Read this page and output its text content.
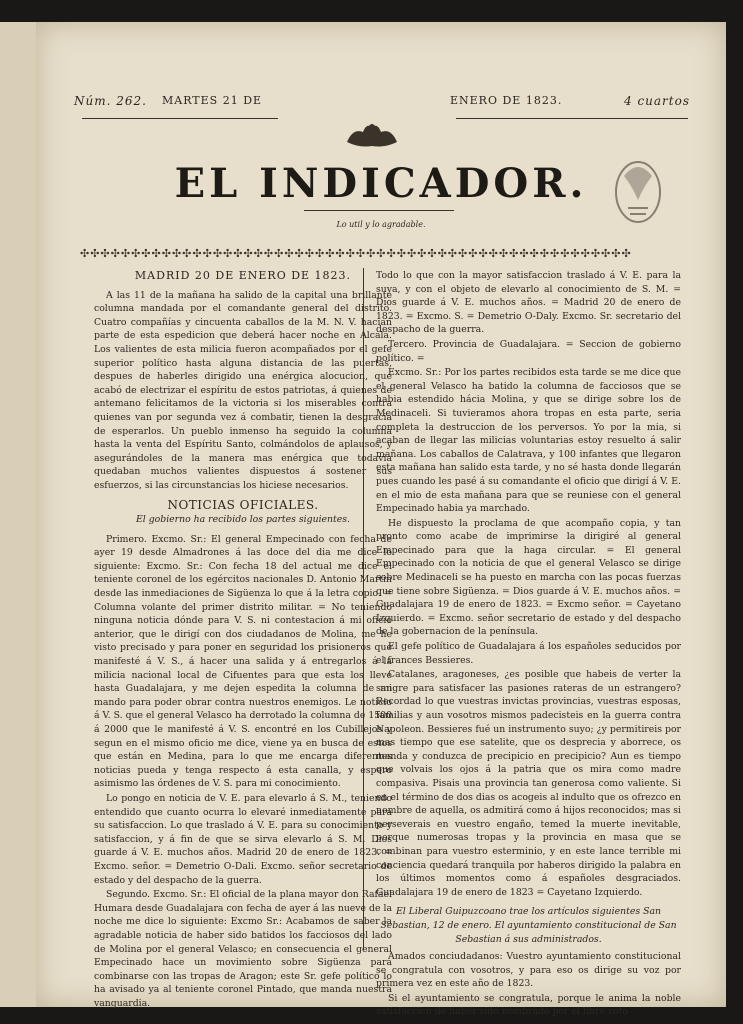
Núm. 262. MARTES 21 DE	ENERO DE 1823.	4 cuartos
EL INDICADOR.
Lo util y lo agradable.
✣✣✣✣✣✣✣✣✣✣✣✣✣✣✣✣✣✣✣✣✣✣✣✣✣✣✣✣✣✣✣✣✣✣✣✣✣✣✣✣✣✣✣✣✣✣✣✣✣✣✣✣✣✣
MADRID 20 DE ENERO DE 1823.

A las 11 de la mañana ha salido de la capital una brillante columna mandada por el comandante general del distrito. Cuatro compañías y cincuenta caballos de la M. N. V. hacian parte de esta espedicion que deberá hacer noche en Alcalá. Los valientes de esta milicia fueron acompañados por el gefe superior político hasta alguna distancia de las puertas, despues de haberles dirigido una enérgica alocucion, que acabó de electrizar el espíritu de estos patriotas, á quienes de antemano felicitamos de la victoria si los miserables contra quienes van por segunda vez á combatir, tienen la desgracia de esperarlos. Un pueblo inmenso ha seguido la columna hasta la venta del Espíritu Santo, colmándolos de aplausos, y asegurándoles de la manera mas enérgica que todavia quedaban muchos valientes dispuestos á sostener sus esfuerzos, si las circunstancias los hiciese necesarios.

NOTICIAS OFICIALES.
El gobierno ha recibido los partes siguientes.

Primero. Excmo. Sr.: El general Empecinado con fecha de ayer 19 desde Almadrones á las doce del dia me dice lo siguiente: Excmo. Sr.: Con fecha 18 del actual me dice el teniente coronel de los egércitos nacionales D. Antonio Martin desde las inmediaciones de Sigüenza lo que á la letra copio. = Columna volante del primer distrito militar. = No teniendo ninguna noticia dónde para V. S. ni contestacion á mi oficio anterior, que le dirigí con dos ciudadanos de Molina, me he visto precisado y para poner en seguridad los prisioneros que manifesté á V. S., á hacer una salida y á entregarlos á la milicia nacional local de Cifuentes para que esta los lleve hasta Guadalajara, y me dejen espedita la columna de mi mando para poder obrar contra nuestros enemigos. Le noticio á V. S. que el general Velasco ha derrotado la columna de 1500 á 2000 que le manifesté á V. S. encontré en los Cubillejos y segun en el mismo oficio me dice, viene ya en busca de estos que están en Medina, para lo que me encarga diferentes noticias pueda y tenga respecto á esta canalla, y espero asimismo las órdenes de V. S. para mi conocimiento.

Lo pongo en noticia de V. E. para elevarlo á S. M., teniendo entendido que cuanto ocurra lo elevaré inmediatamente para su satisfaccion. Lo que traslado á V. E. para su conocimiento y satisfaccion, y á fin de que se sirva elevarlo á S. M. Dios guarde á V. E. muchos años. Madrid 20 de enero de 1823. = Excmo. señor. = Demetrio O-Dali. Excmo. señor secretario de estado y del despacho de la guerra.

Segundo. Excmo. Sr.: El oficial de la plana mayor don Rafael Humara desde Guadalajara con fecha de ayer á las nueve de la noche me dice lo siguiente: Excmo Sr.: Acabamos de saber la agradable noticia de haber sido batidos los facciosos del lado de Molina por el general Velasco; en consecuencia el general Empecinado hace un movimiento sobre Sigüenza para combinarse con las tropas de Aragon; este Sr. gefe político lo ha avisado ya al teniente coronel Pintado, que manda nuestra vanguardia.

Todo lo que con la mayor satisfaccion traslado á V. E. para la suya, y con el objeto de elevarlo al conocimiento de S. M. = Dios guarde á V. E. muchos años. = Madrid 20 de enero de 1823. = Excmo. S. = Demetrio O-Daly. Excmo. Sr. secretario del despacho de la guerra.

Tercero. Provincia de Guadalajara. = Seccion de gobierno político. =

Excmo. Sr.: Por los partes recibidos esta tarde se me dice que el general Velasco ha batido la columna de facciosos que se habia estendido hácia Molina, y que se dirige sobre los de Medinaceli. Si tuvieramos ahora tropas en esta parte, seria completa la destruccion de los perversos. Yo por la mia, si acaban de llegar las milicias voluntarias estoy resuelto á salir mañana. Los caballos de Calatrava, y 100 infantes que llegaron esta mañana han salido esta tarde, y no sé hasta donde llegarán pues cuando les pasé á su comandante el oficio que dirigí á V. E. en el mio de esta mañana para que se reuniese con el general Empecinado habia ya marchado.

He dispuesto la proclama de que acompaño copia, y tan pronto como acabe de imprimirse la dirigiré al general Empecinado para que la haga circular. = El general Empecinado con la noticia de que el general Velasco se dirige sobre Medinaceli se ha puesto en marcha con las pocas fuerzas que tiene sobre Sigüenza. = Dios guarde á V. E. muchos años. = Guadalajara 19 de enero de 1823. = Excmo señor. = Cayetano Izquierdo. = Excmo. señor secretario de estado y del despacho de la gobernacion de la península.

El gefe político de Guadalajara á los españoles seducidos por el frances Bessieres.

Catalanes, aragoneses, ¿es posible que habeis de verter la sangre para satisfacer las pasiones rateras de un estrangero? Recordad lo que vuestras invictas provincias, vuestras esposas, familias y aun vosotros mismos padecisteis en la guerra contra Napoleon. Bessieres fué un instrumento suyo; ¿y permitireis por mas tiempo que ese satelite, que os desprecia y aborrece, os manda y conduzca de precipicio en precipicio? Aun es tiempo que volvais los ojos á la patria que os mira como madre compasiva. Pisais una provincia tan generosa como valiente. Si en el término de dos dias os acogeis al indulto que os ofrezco en nombre de aquella, os admitirá como á hijos reconocidos; mas si perseverais en vuestro engaño, temed la muerte inevitable, porque numerosas tropas y la provincia en masa que se combinan para vuestro esterminio, y en este lance terrible mi conciencia quedará tranquila por haberos dirigido la palabra en los últimos momentos como á españoles desgraciados. Guadalajara 19 de enero de 1823 = Cayetano Izquierdo.

El Liberal Guipuzcoano trae los artículos siguientes San Sebastian, 12 de enero. El ayuntamiento constitucional de San Sebastian á sus administrados.

Amados conciudadanos: Vuestro ayuntamiento constitucional se congratula con vosotros, y para eso os dirige su voz por primera vez en este año de 1823.

Si el ayuntamiento se congratula, porque le anima la noble satisfaccion de haber sido nombrado por el libre voto
